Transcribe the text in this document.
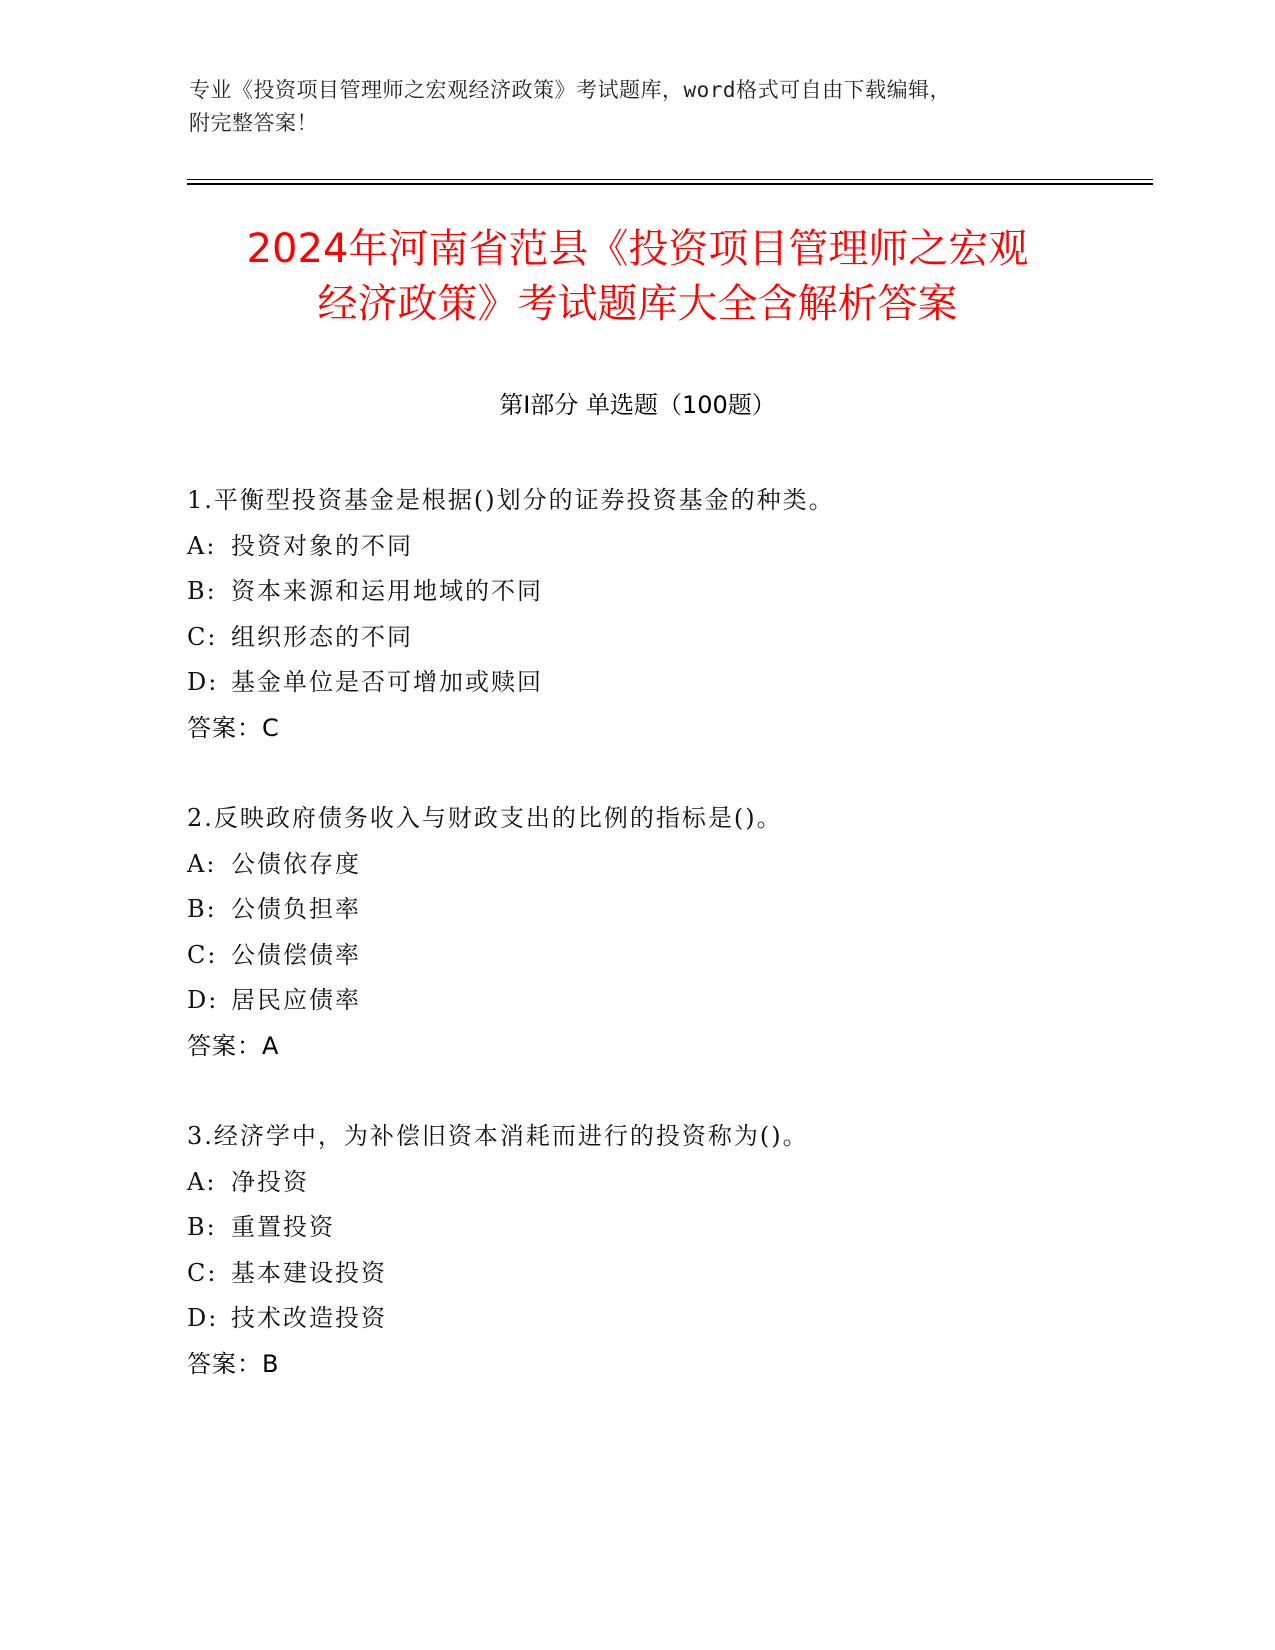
专业《投资项目管理师之宏观经济政策》考试题库，word格式可自由下载编辑，
附完整答案！
2024年河南省范县《投资项目管理师之宏观
经济政策》考试题库大全含解析答案
第Ⅰ部分 单选题（100题）
1.平衡型投资基金是根据()划分的证券投资基金的种类。
A: 投资对象的不同
B: 资本来源和运用地域的不同
C: 组织形态的不同
D: 基金单位是否可增加或赎回
答案：C
2.反映政府债务收入与财政支出的比例的指标是()。
A: 公债依存度
B: 公债负担率
C: 公债偿债率
D: 居民应债率
答案：A
3.经济学中，为补偿旧资本消耗而进行的投资称为()。
A: 净投资
B: 重置投资
C: 基本建设投资
D: 技术改造投资
答案：B
